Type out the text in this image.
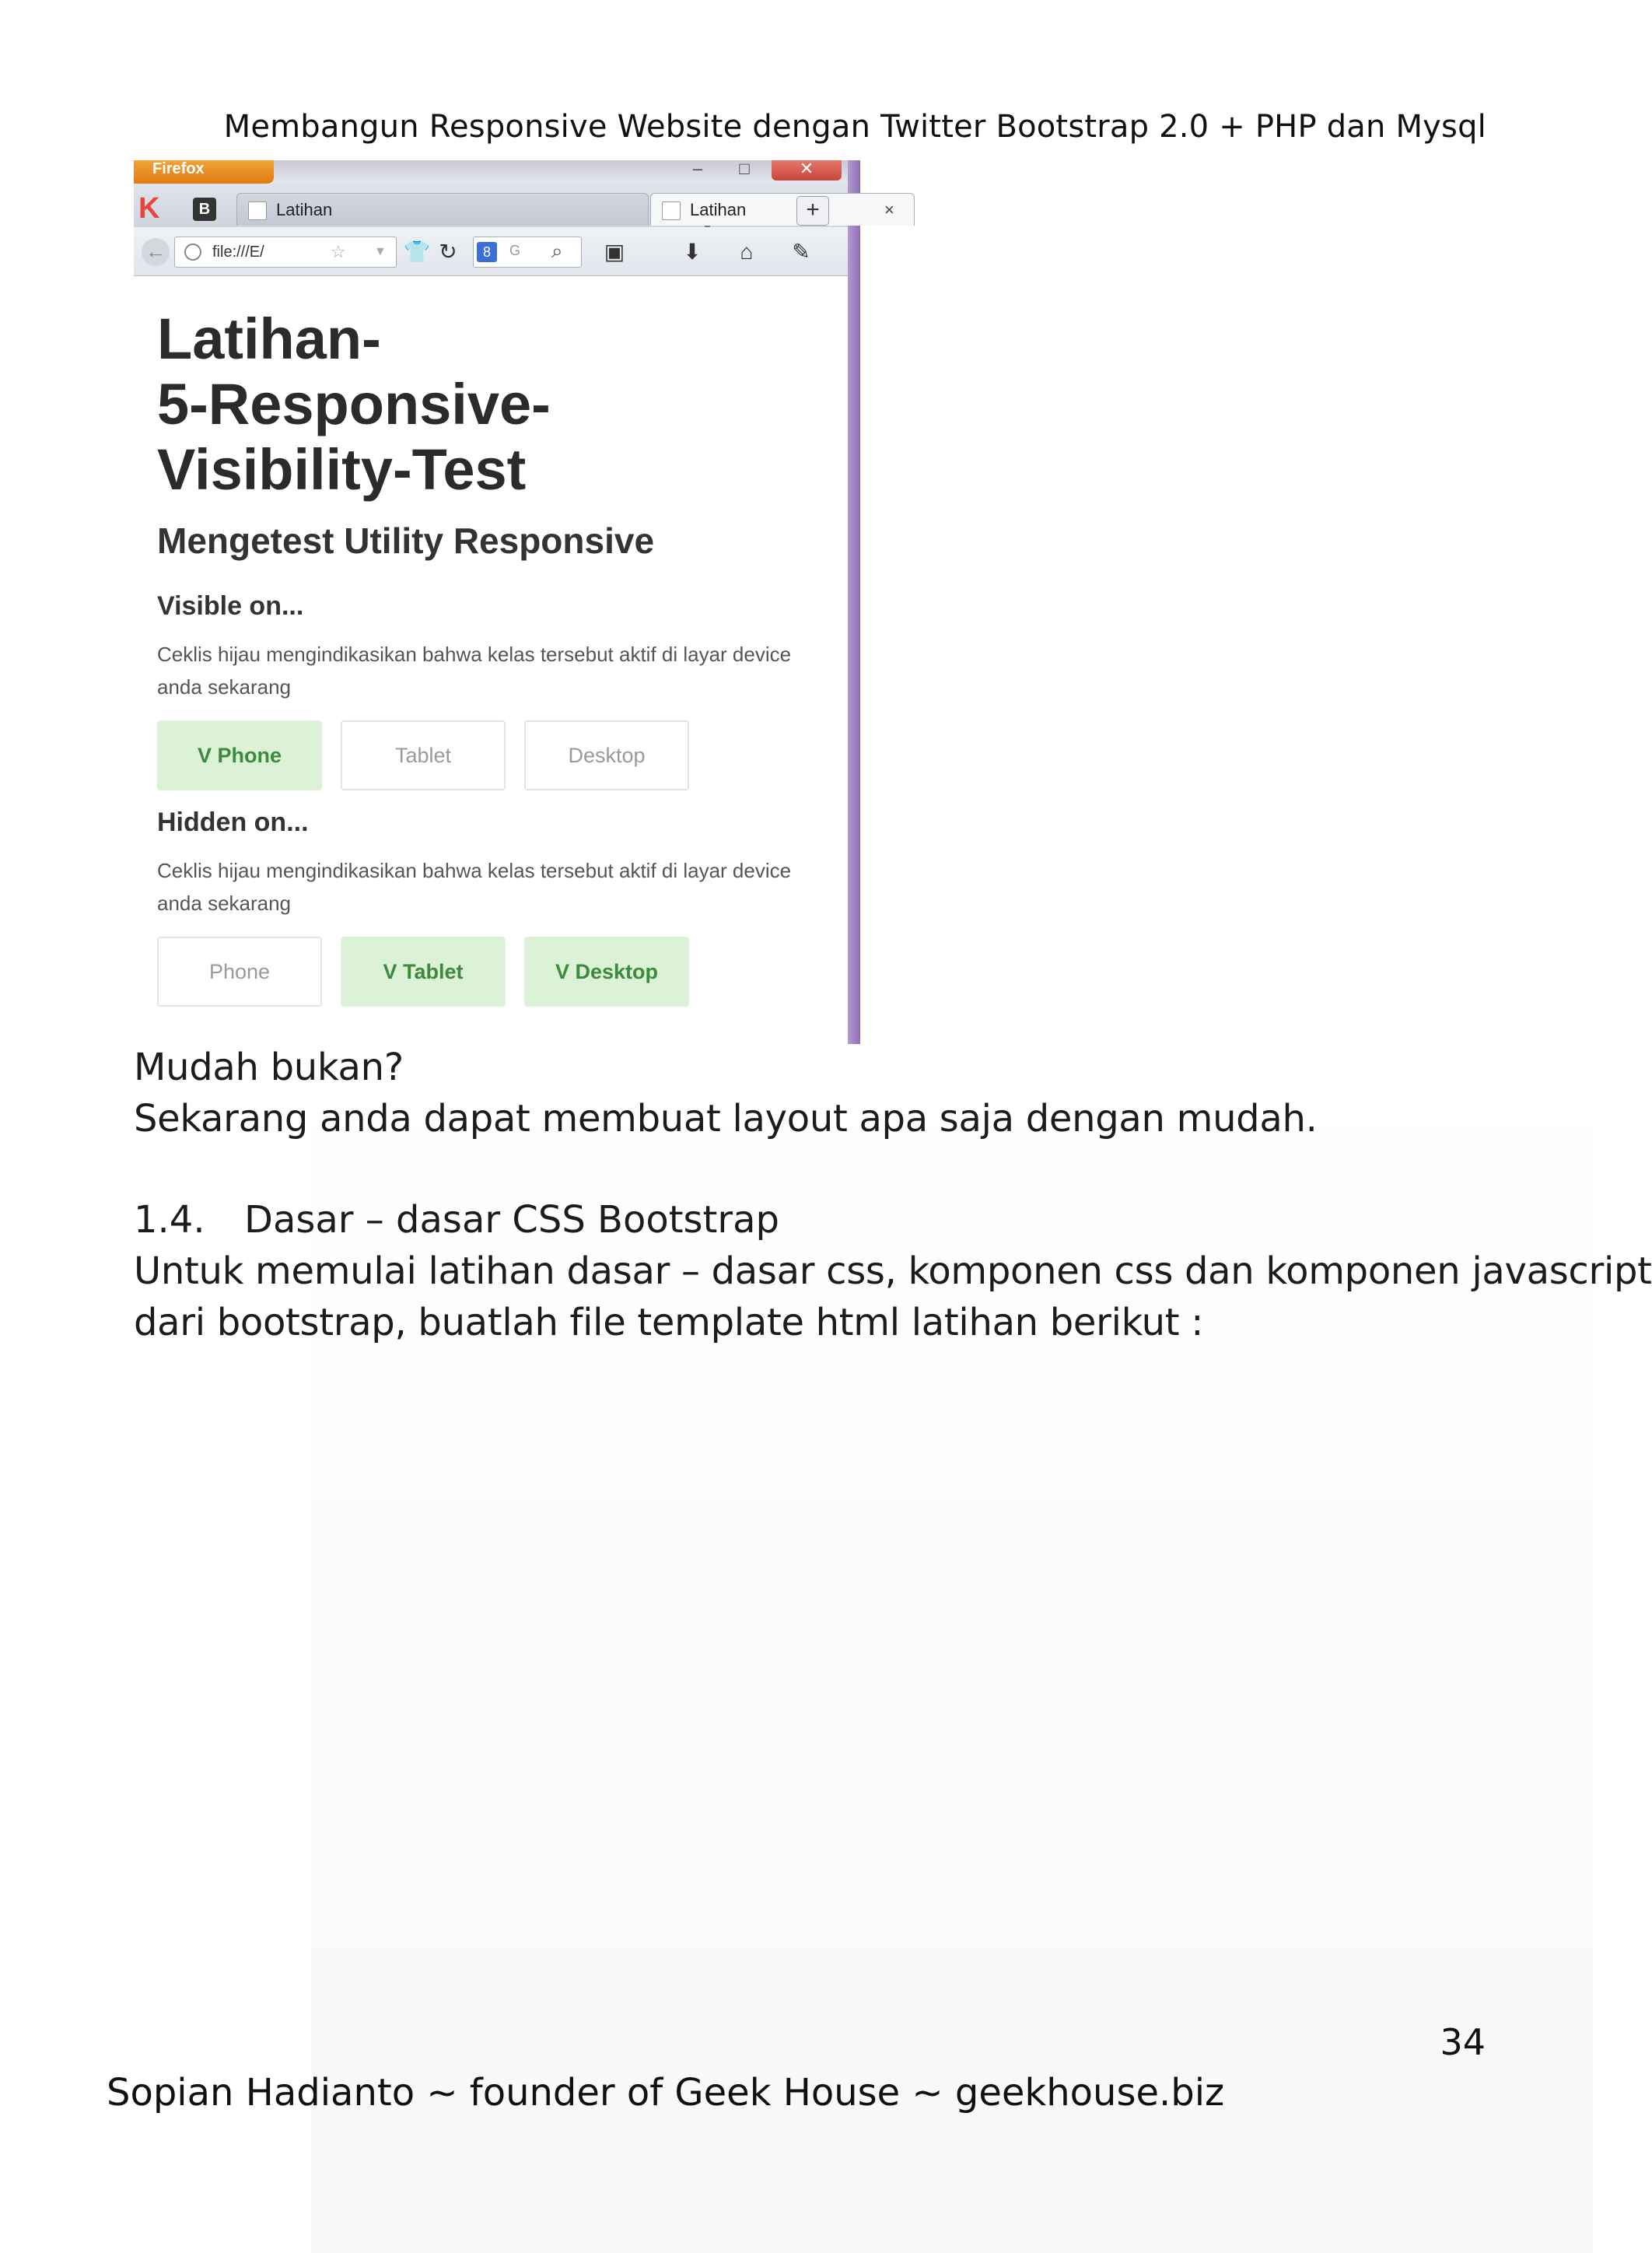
Membangun Responsive Website dengan Twitter Bootstrap 2.0 + PHP dan Mysql
Firefox	–	□	✕
K	B	Latihan	Latihan	×
+
←	file:///E/	☆ ▼ 👕 ↻	8	G ⌕ ▣	⬇	⌂	✎
Latihan-
5-Responsive-
Visibility-Test
Mengetest Utility Responsive
Visible on...
Ceklis hijau mengindikasikan bahwa kelas tersebut aktif di layar device anda sekarang
V Phone	Tablet	Desktop
Hidden on...
Ceklis hijau mengindikasikan bahwa kelas tersebut aktif di layar device anda sekarang
Phone	V Tablet	V Desktop
Mudah bukan?
Sekarang anda dapat membuat layout apa saja dengan mudah.
1.4. Dasar – dasar CSS Bootstrap
Untuk memulai latihan dasar – dasar css, komponen css dan komponen javascript
dari bootstrap, buatlah file template html latihan berikut :
34
Sopian Hadianto ~ founder of Geek House ~ geekhouse.biz
